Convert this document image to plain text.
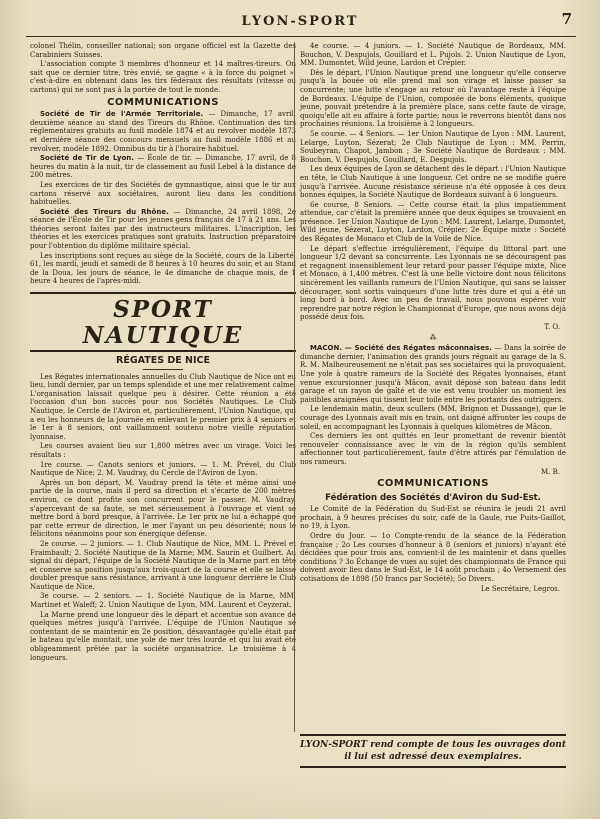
LYON-SPORT	7

colonel Thélin, conseiller national; son organe officiel est la Gazette des Carabiniers Suisses.

L'association compte 3 membres d'honneur et 14 maîtres-tireurs. On sait que ce dernier titre, très envié, se gagne « à la force du poignet », c'est-à-dire en obtenant dans les tirs fédéraux des résultats (vitesse ou cartons) qui ne sont pas à la portée de tout le monde.

COMMUNICATIONS

Société de Tir de l'Armée Territoriale. — Dimanche, 17 avril, deuxième séance au stand des Tireurs du Rhône. Continuation des tirs réglementaires gratuits au fusil modèle 1874 et au revolver modèle 1873 et dernière séance des concours mensuels au fusil modèle 1886 et au revolver, modèle 1892. Omnibus du tir à l'horaire habituel.

Société de Tir de Lyon. — École de tir. — Dimanche, 17 avril, de 8 heures du matin à la nuit, tir de classement au fusil Lebel à la distance de 200 mètres.

Les exercices de tir des Sociétés de gymnastique, ainsi que le tir aux cartons réservé aux sociétaires, auront lieu dans les conditions habituelles.

Société des Tireurs du Rhône. — Dimanche, 24 avril 1898, 2e séance de l'École de Tir pour les jeunes gens français de 17 à 21 ans. Les théories seront faites par des instructeurs militaires. L'inscription, les théories et les exercices pratiques sont gratuits. Instruction préparatoire pour l'obtention du diplôme militaire spécial.

Les inscriptions sont reçues au siège de la Société, cours de la Liberté, 61, les mardi, jeudi et samedi de 8 heures à 10 heures du soir, et au Stand de la Doua, les jours de séance, le 4e dimanche de chaque mois, de 1 heure 4 heures de l'après-midi.

SPORT NAUTIQUE
RÉGATES DE NICE

Les Régates internationales annuelles du Club Nautique de Nice ont eu lieu, lundi dernier, par un temps splendide et une mer relativement calme. L'organisation laissait quelque peu à désirer. Cette réunion a été l'occasion d'un bon succès pour nos Sociétés Nautiques. Le Club Nautique, le Cercle de l'Aviron et, particulièrement, l'Union Nautique, qui a eu les honneurs de la journée en enlevant le premier prix à 4 seniors et le 1er à 8 seniors, ont vaillamment soutenu notre vieille réputation lyonnaise.

Les courses avaient lieu sur 1,800 mètres avec un virage. Voici les résultats :

1re course. — Canots seniors et juniors. — 1. M. Prével, du Club Nautique de Nice; 2. M. Vaudray, du Cercle de l'Aviron de Lyon.

Après un bon départ, M. Vaudray prend la tête et même ainsi une partie de la course, mais il perd sa direction et s'écarte de 200 mètres environ, ce dont profite son concurrent pour le passer. M. Vaudray, s'apercevant de sa faute, se met sérieusement à l'ouvrage et vient se mettre bord à bord presque, à l'arrivée. Le 1er prix ne lui a échappé que par cette erreur de direction, le mer l'ayant un peu désorienté; nous le félicitons néanmoins pour son énergique défense.

2e course. — 2 juniors. — 1. Club Nautique de Nice, MM. L. Prével et Fraimbault; 2. Société Nautique de la Marne; MM. Saurin et Guilbert. Au signal du départ, l'équipe de la Société Nautique de la Marne part en tête et conserve sa position jusqu'aux trois-quart de la course et elle se laisse doubler presque sans résistance, arrivant à une longueur derrière le Club Nautique de Nice.

3e course. — 2 seniors. — 1. Société Nautique de la Marne, MM. Martinet et Waleff; 2. Union Nautique de Lyon, MM. Laurent et Ceyzerat.

La Marne prend une longueur dès le départ et accentue son avance de quelques mètres jusqu'à l'arrivée. L'équipe de l'Union Nautique se contentant de se maintenir en 2e position, désavantagée qu'elle était par le bateau qu'elle montait, une yole de mer très lourde et qui lui avait été obligeamment prêtée par la société organisatrice. Le troisième à 4 longueurs.

4e course. — 4 juniors. — 1. Société Nautique de Bordeaux, MM. Bouchon, V. Despujols, Gouillard et L. Pujols. 2. Union Nautique de Lyon, MM. Dumontet, Wild jeune, Lardon et Crépier.

Dès le départ, l'Union Nautique prend une longueur qu'elle conserve jusqu'à la bouée où elle prend mal son virage et laisse passer sa concurrente; une lutte s'engage au retour où l'avantage reste à l'équipe de Bordeaux. L'équipe de l'Union, composée de bons éléments, quoique jeune, pouvait prétendre à la première place, sans cette faute de virage, quoiqu'elle ait eu affaire à forte partie; nous le reverrons bientôt dans nos prochaines réunions. La troisième à 2 longueurs.

5e course. — 4 Seniors. — 1er Union Nautique de Lyon : MM. Laurent, Lelarge, Luyton, Sézerat; 2e Club Nautique de Lyon : MM. Perrin, Soubeyran, Chapot, Jambon ; 3e Société Nautique de Bordeaux : MM. Bouchon, V. Despujols, Gouillard, E. Despujols.

Les deux équipes de Lyon se détachent dès le départ : l'Union Nautique en tête, le Club Nautique à une longueur. Cet ordre ne se modifie guère jusqu'à l'arrivée. Aucune résistance sérieuse n'a été opposée à ces deux bonnes équipes, la Société Nautique de Bordeaux suivant à 6 longueurs.

6e course, 8 Seniors. — Cette course était la plus impatiemment attendue, car c'était la première année que deux équipes se trouvaient en présence. 1er Union Nautique de Lyon : MM. Laurent, Lelarge, Dumontet, Wild jeune, Sézerat, Luyton, Lardon, Crépier; 2e Équipe mixte : Société des Régates de Monaco et Club de la Voile de Nice.

Le départ s'effectue irrégulièrement, l'équipe du littoral part une longueur 1/2 devant sa concurrente. Les Lyonnais ne se découragent pas et regagnent insensiblement leur retard pour passer l'équipe mixte, Nice et Monaco, à 1,400 mètres. C'est là une belle victoire dont nous félicitons sincèrement les vaillants rameurs de l'Union Nautique, qui sans se laisser décourager, sont sortis vainqueurs d'une lutte très dure et qui a été un long bord à bord. Avec un peu de travail, nous pouvons espérer voir reprendre par notre région le Championnat d'Europe, que nous avons déjà possédé deux fois.

T. O.
⁂

MACON. — Société des Régates mâconnaises. — Dans la soirée de dimanche dernier, l'animation des grands jours régnait au garage de la S. R. M. Malheureusement ne n'était pas ses sociétaires qui la provoquaient. Une yole à quatre rameurs de la Société des Régates lyonnaises, étant venue excursionner jusqu'à Mâcon, avait déposé son bateau dans ledit garage et un rayon de gaîté et de vie est venu troubler un moment les paisibles araignées qui tissent leur toile entre les portants des outriggers.

Le lendemain matin, deux scullers (MM. Brignon et Dussange), que le courage des Lyonnais avait mis en train, ont daigné affronter les coups de soleil, en accompagnant les Lyonnais à quelques kilomètres de Mâcon.

Ces derniers les ont quittés en leur promettant de revenir bientôt renouveler connaissance avec le vin de la région qu'ils semblent affectionner tout particulièrement, faute d'être attirés par l'émulation de nos rameurs.

M. B.
COMMUNICATIONS
Fédération des Sociétés d'Aviron du Sud-Est.

Le Comité de la Fédération du Sud-Est se réunira le jeudi 21 avril prochain, à 9 heures précises du soir, café de la Gaule, rue Puits-Gaillot, no 19, à Lyon.

Ordre du Jour. — 1o Compte-rendu de la séance de la Fédération française ; 2o Les courses d'honneur à 8 (seniors et juniors) n'ayant été décidées que pour trois ans, convient-il de les maintenir et dans quelles conditions ? 3o Échange de vues au sujet des championnats de France qui doivent avoir lieu dans le Sud-Est, le 14 août prochain ; 4o Versement des cotisations de 1898 (50 francs par Société); 5o Divers.

Le Secrétaire, Legros.
LYON-SPORT rend compte de tous les ouvrages dont il lui est adressé deux exemplaires.
